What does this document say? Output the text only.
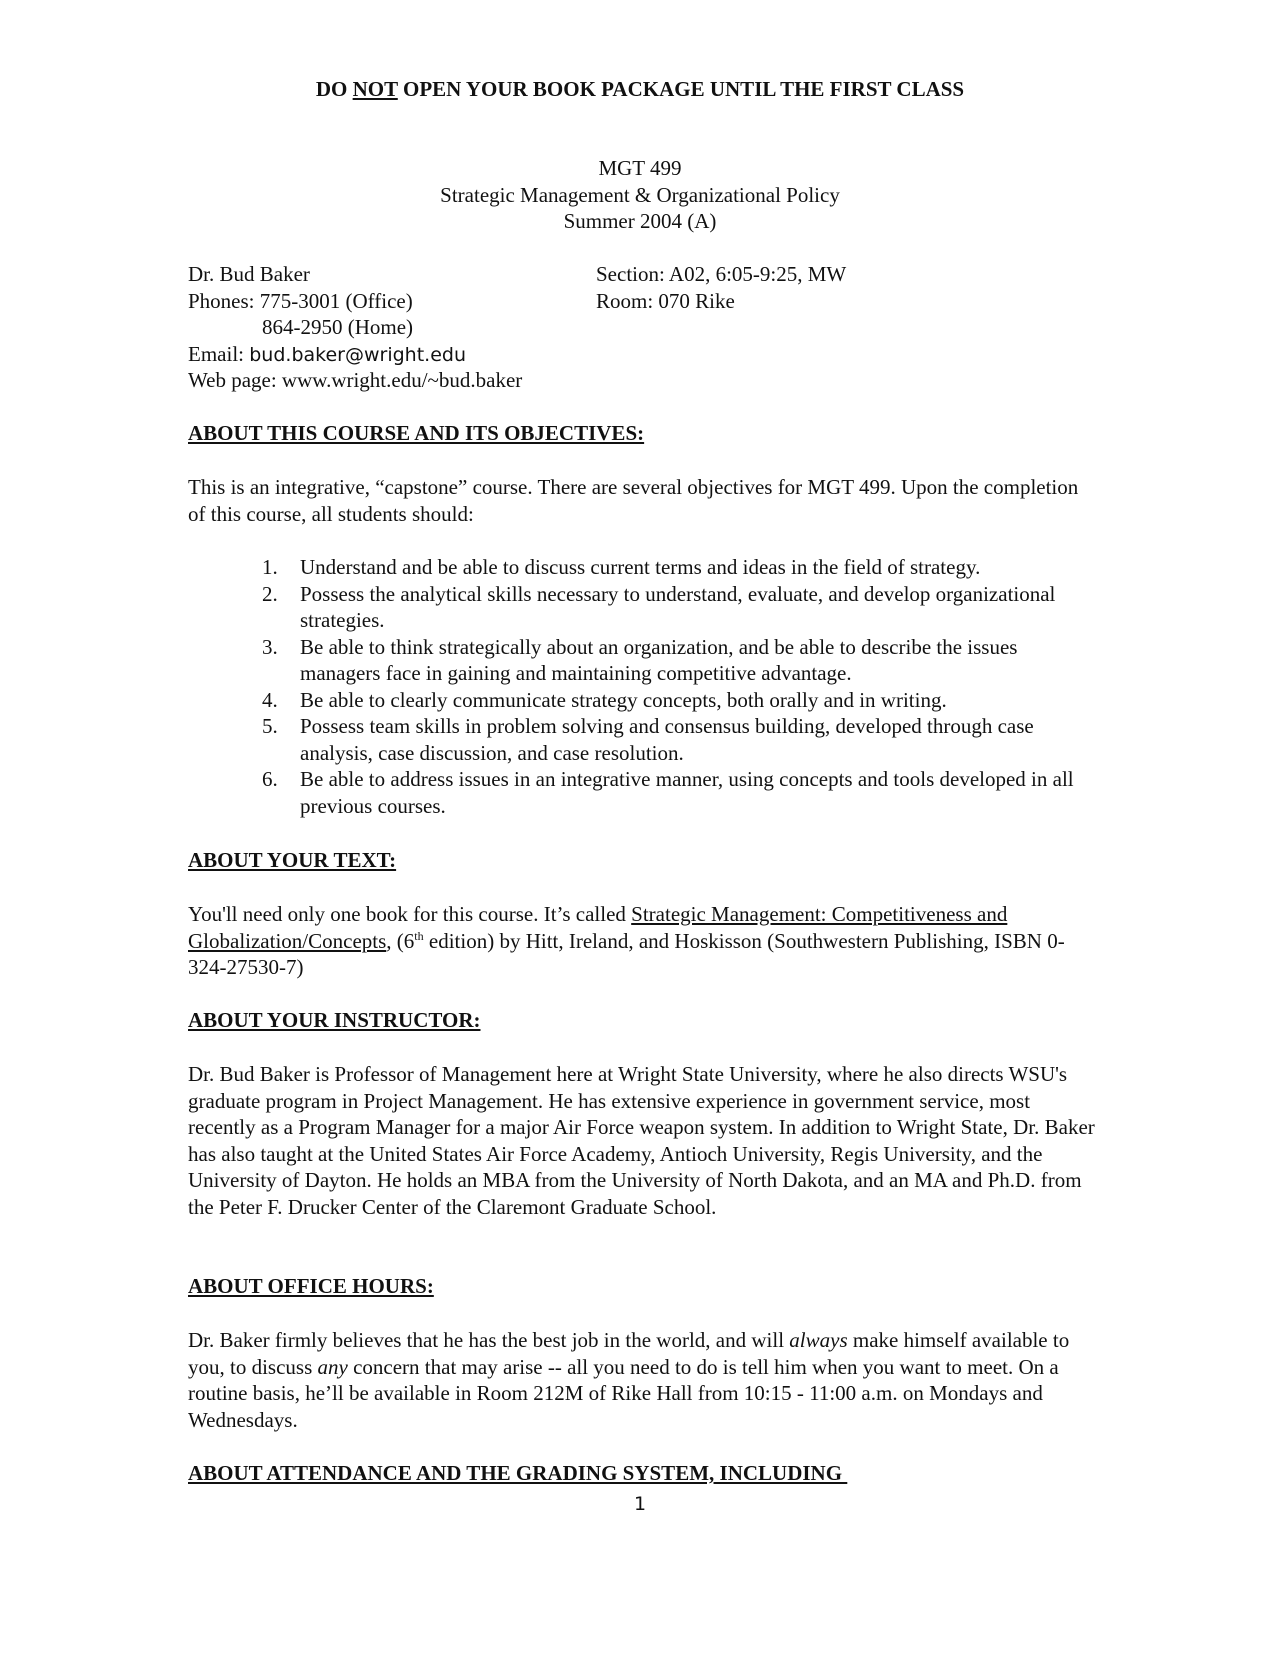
DO NOT OPEN YOUR BOOK PACKAGE UNTIL THE FIRST CLASS
MGT 499
Strategic Management & Organizational Policy
Summer 2004 (A)
Dr. Bud Baker
Phones: 775-3001 (Office)
864-2950 (Home)
Email: bud.baker@wright.edu
Web page: www.wright.edu/~bud.baker
Section: A02, 6:05-9:25, MW
Room: 070 Rike
ABOUT THIS COURSE AND ITS OBJECTIVES:

This is an integrative, “capstone” course. There are several objectives for MGT 499. Upon the completion of this course, all students should:

1. Understand and be able to discuss current terms and ideas in the field of strategy.
2. Possess the analytical skills necessary to understand, evaluate, and develop organizational strategies.
3. Be able to think strategically about an organization, and be able to describe the issues managers face in gaining and maintaining competitive advantage.
4. Be able to clearly communicate strategy concepts, both orally and in writing.
5. Possess team skills in problem solving and consensus building, developed through case analysis, case discussion, and case resolution.
6. Be able to address issues in an integrative manner, using concepts and tools developed in all previous courses.
ABOUT YOUR TEXT:

You'll need only one book for this course. It’s called Strategic Management: Competitiveness and Globalization/Concepts, (6th edition) by Hitt, Ireland, and Hoskisson (Southwestern Publishing, ISBN 0-324-27530-7)

ABOUT YOUR INSTRUCTOR:

Dr. Bud Baker is Professor of Management here at Wright State University, where he also directs WSU's graduate program in Project Management. He has extensive experience in government service, most recently as a Program Manager for a major Air Force weapon system. In addition to Wright State, Dr. Baker has also taught at the United States Air Force Academy, Antioch University, Regis University, and the University of Dayton. He holds an MBA from the University of North Dakota, and an MA and Ph.D. from the Peter F. Drucker Center of the Claremont Graduate School.

ABOUT OFFICE HOURS:

Dr. Baker firmly believes that he has the best job in the world, and will always make himself available to you, to discuss any concern that may arise -- all you need to do is tell him when you want to meet. On a routine basis, he’ll be available in Room 212M of Rike Hall from 10:15 - 11:00 a.m. on Mondays and Wednesdays.

ABOUT ATTENDANCE AND THE GRADING SYSTEM, INCLUDING
1
